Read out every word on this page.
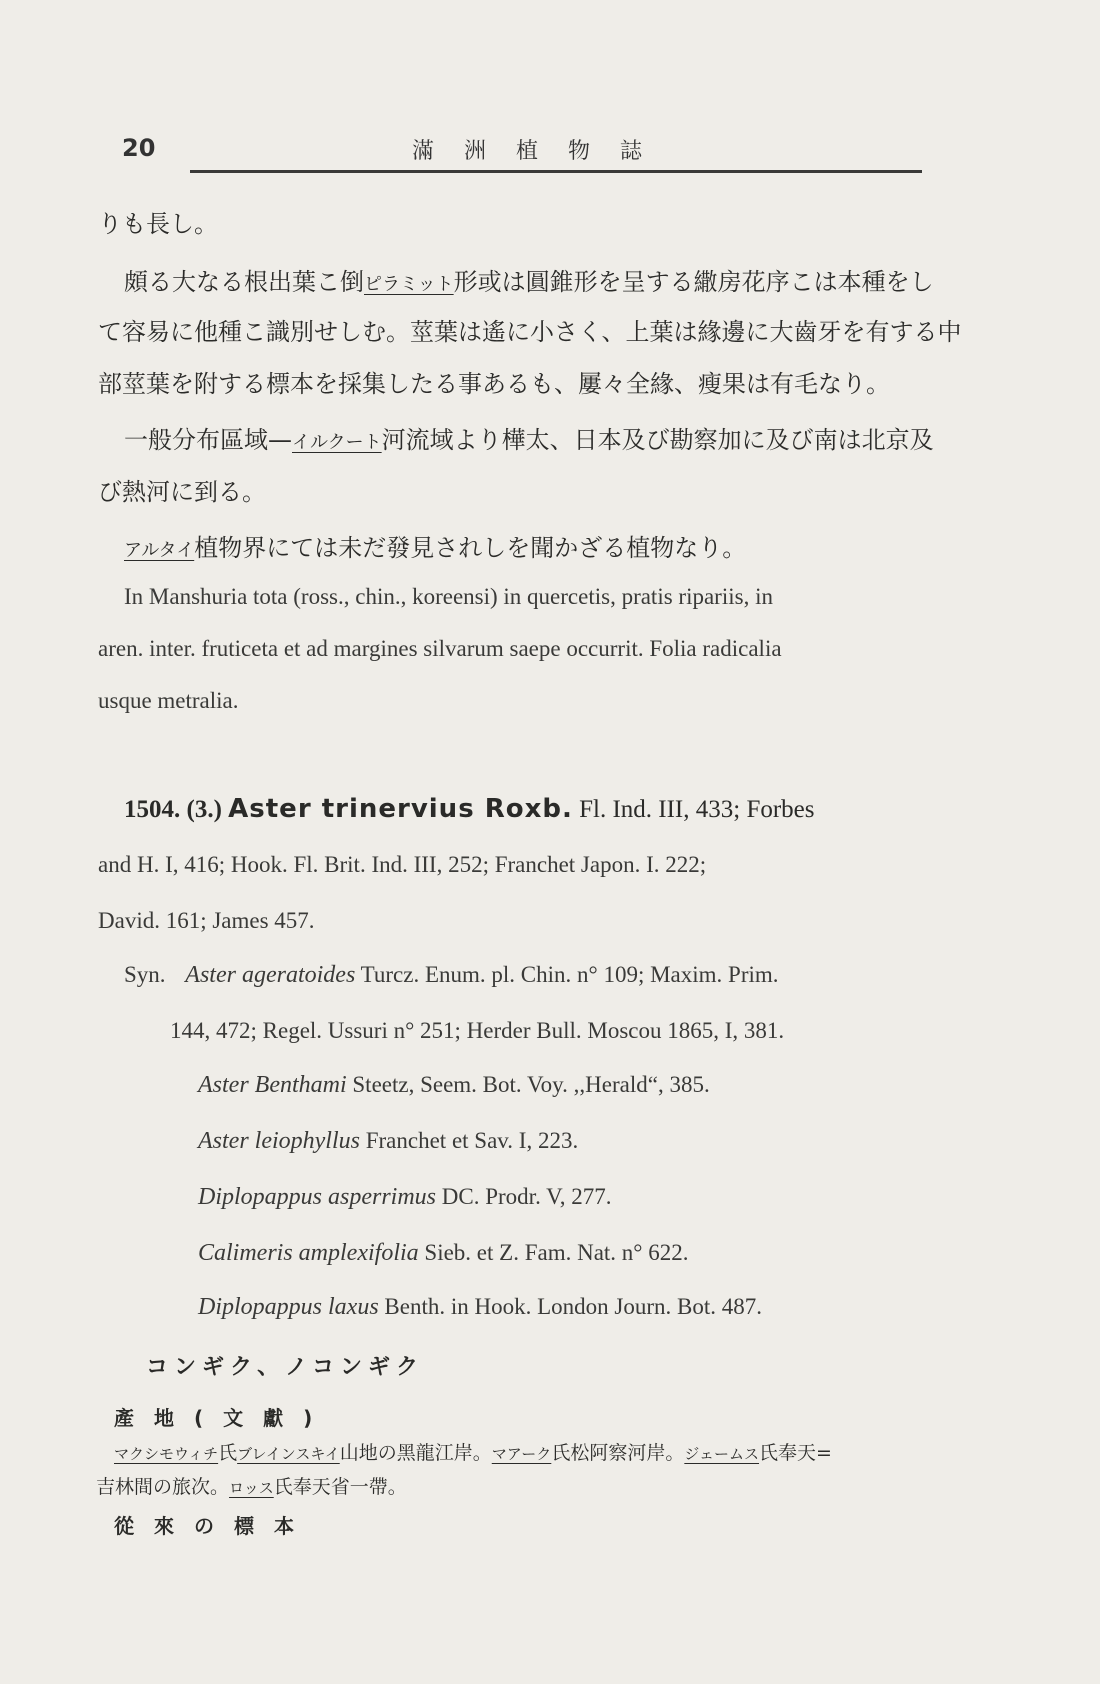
20	滿洲植物誌
りも長し。
頗る大なる根出葉こ倒ピラミット形或は圓錐形を呈する繖房花序こは本種をし
て容易に他種こ識別せしむ。莖葉は遙に小さく、上葉は緣邊に大齒牙を有する中
部莖葉を附する標本を採集したる事あるも、屢々全緣、瘦果は有毛なり。
一般分布區域—イルクート河流域より樺太、日本及び勘察加に及び南は北京及
び熱河に到る。
アルタイ植物界にては未だ發見されしを聞かざる植物なり。
In Manshuria tota (ross., chin., koreensi) in quercetis, pratis ripariis, in
aren. inter. fruticeta et ad margines silvarum saepe occurrit. Folia radicalia
usque metralia.
1504. (3.) Aster trinervius Roxb. Fl. Ind. III, 433; Forbes
and H. I, 416; Hook. Fl. Brit. Ind. III, 252; Franchet Japon. I. 222;
David. 161; James 457.
Syn. Aster ageratoides Turcz. Enum. pl. Chin. n° 109; Maxim. Prim.
144, 472; Regel. Ussuri n° 251; Herder Bull. Moscou 1865, I, 381.
Aster Benthami Steetz, Seem. Bot. Voy. ,,Herald“, 385.
Aster leiophyllus Franchet et Sav. I, 223.
Diplopappus asperrimus DC. Prodr. V, 277.
Calimeris amplexifolia Sieb. et Z. Fam. Nat. n° 622.
Diplopappus laxus Benth. in Hook. London Journ. Bot. 487.
コンギク、ノコンギク
產地(文獻)
マクシモウィチ氏ブレインスキイ山地の黑龍江岸。マアーク氏松阿察河岸。ジェームス氏奉天=
吉林間の旅次。ロッス氏奉天省一帶。
從來の標本
